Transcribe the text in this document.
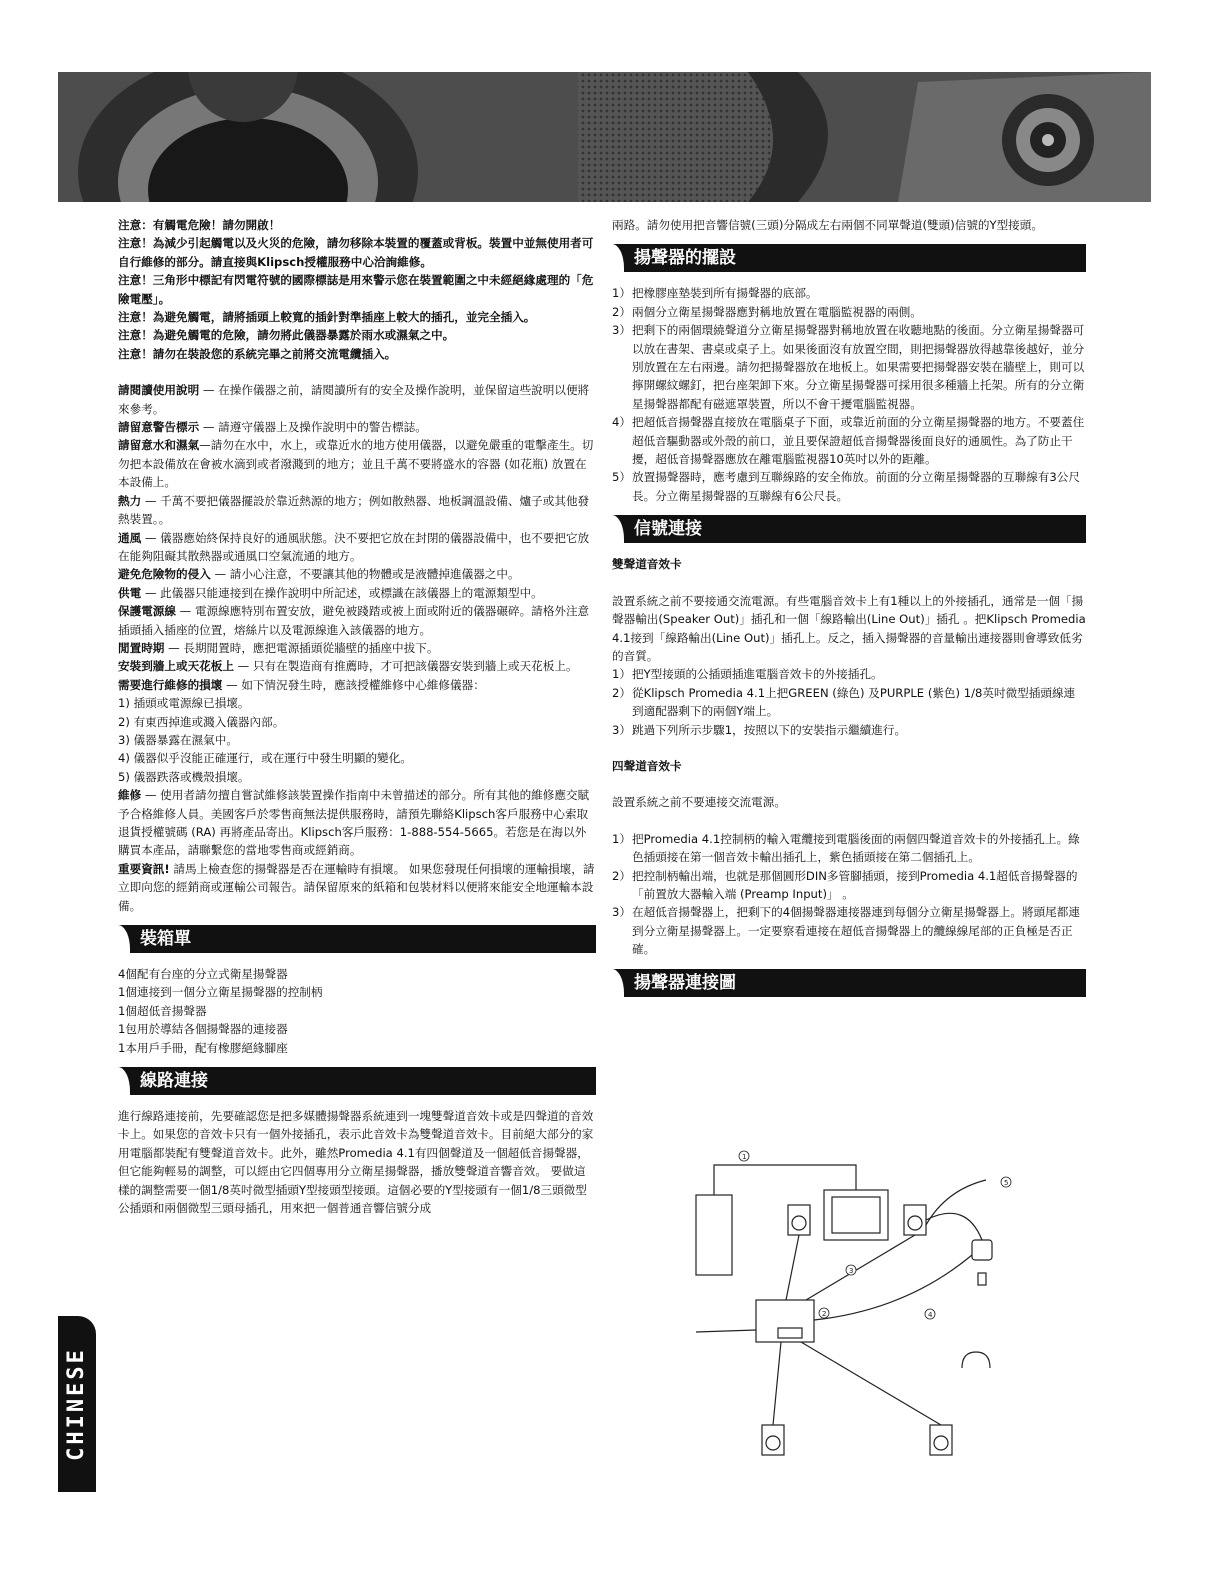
注意：有觸電危險！請勿開啟！

注意！為減少引起觸電以及火災的危險，請勿移除本裝置的覆蓋或背板。裝置中並無使用者可自行維修的部分。請直接與Klipsch授權服務中心洽詢維修。

注意！三角形中標記有閃電符號的國際標誌是用來警示您在裝置範圍之中未經絕緣處理的「危險電壓」。

注意！為避免觸電，請將插頭上較寬的插針對準插座上較大的插孔，並完全插入。

注意！為避免觸電的危險，請勿將此儀器暴露於雨水或濕氣之中。

注意！請勿在裝設您的系統完畢之前將交流電纜插入。

請閱讀使用說明 — 在操作儀器之前，請閱讀所有的安全及操作說明，並保留這些說明以便將來參考。

請留意警告標示 — 請遵守儀器上及操作說明中的警告標誌。

請留意水和濕氣—請勿在水中，水上，或靠近水的地方使用儀器，以避免嚴重的電擊產生。切勿把本設備放在會被水滴到或者潑濺到的地方；並且千萬不要將盛水的容器 (如花瓶) 放置在本設備上。

熱力 — 千萬不要把儀器擺設於靠近熱源的地方；例如散熱器、地板調溫設備、爐子或其他發熱裝置。。

通風 — 儀器應始終保持良好的通風狀態。決不要把它放在封閉的儀器設備中，也不要把它放在能夠阻礙其散熱器或通風口空氣流通的地方。

避免危險物的侵入 — 請小心注意，不要讓其他的物體或是液體掉進儀器之中。

供電 — 此儀器只能連接到在操作說明中所記述，或標識在該儀器上的電源類型中。

保護電源線 — 電源線應特別布置安放，避免被踐踏或被上面或附近的儀器碾碎。請格外注意插頭插入插座的位置，熔絲片以及電源線進入該儀器的地方。

閒置時期 — 長期閒置時，應把電源插頭從牆壁的插座中拔下。

安裝到牆上或天花板上 — 只有在製造商有推薦時，才可把該儀器安裝到牆上或天花板上。

需要進行維修的損壞 — 如下情況發生時，應該授權維修中心維修儀器：

1) 插頭或電源線已損壞。

2) 有東西掉進或濺入儀器內部。

3) 儀器暴露在濕氣中。

4) 儀器似乎沒能正確運行，或在運行中發生明顯的變化。

5) 儀器跌落或機殼損壞。

維修 — 使用者請勿擅自嘗試維修該裝置操作指南中未曾描述的部分。所有其他的維修應交賦予合格維修人員。美國客戶於零售商無法提供服務時，請預先聯絡Klipsch客戶服務中心索取退貨授權號碼 (RA) 再將產品寄出。Klipsch客戶服務：1-888-554-5665。若您是在海以外購買本產品，請聯繫您的當地零售商或經銷商。

重要資訊! 請馬上檢查您的揚聲器是否在運輸時有損壞。 如果您發現任何損壞的運輸損壞，請立即向您的經銷商或運輸公司報告。請保留原來的紙箱和包裝材料以便將來能安全地運輸本設備。

裝箱單

4個配有台座的分立式衛星揚聲器

1個連接到一個分立衛星揚聲器的控制柄

1個超低音揚聲器

1包用於導結各個揚聲器的連接器

1本用戶手冊，配有橡膠絕緣腳座

線路連接

進行線路連接前，先要確認您是把多媒體揚聲器系統連到一塊雙聲道音效卡或是四聲道的音效卡上。如果您的音效卡只有一個外接插孔，表示此音效卡為雙聲道音效卡。目前絕大部分的家用電腦都裝配有雙聲道音效卡。此外，雖然Promedia 4.1有四個聲道及一個超低音揚聲器，但它能夠輕易的調整，可以經由它四個專用分立衛星揚聲器，播放雙聲道音響音效。 要做這樣的調整需要一個1/8英吋微型插頭Y型接頭型接頭。這個必要的Y型接頭有一個1/8三頭微型公插頭和兩個微型三頭母插孔，用來把一個普通音響信號分成

兩路。請勿使用把音響信號(三頭)分隔成左右兩個不同單聲道(雙頭)信號的Y型接頭。

揚聲器的擺設
1） 把橡膠座墊裝到所有揚聲器的底部。
2） 兩個分立衛星揚聲器應對稱地放置在電腦監視器的兩側。
3） 把剩下的兩個環繞聲道分立衛星揚聲器對稱地放置在收聽地點的後面。分立衛星揚聲器可以放在書架、書桌或桌子上。如果後面沒有放置空間，則把揚聲器放得越靠後越好，並分別放置在左右兩邊。請勿把揚聲器放在地板上。如果需要把揚聲器安裝在牆壁上，則可以擰開螺紋螺釘，把台座架卸下來。分立衛星揚聲器可採用很多種牆上托架。所有的分立衛星揚聲器都配有磁遮罩裝置，所以不會干擾電腦監視器。
4） 把超低音揚聲器直接放在電腦桌子下面，或靠近前面的分立衛星揚聲器的地方。不要蓋住超低音驅動器或外殼的前口，並且要保證超低音揚聲器後面良好的通風性。為了防止干擾，超低音揚聲器應放在離電腦監視器10英吋以外的距離。
5） 放置揚聲器時，應考慮到互聯線路的安全佈放。前面的分立衛星揚聲器的互聯線有3公尺長。分立衛星揚聲器的互聯線有6公尺長。
信號連接

雙聲道音效卡

設置系統之前不要接通交流電源。有些電腦音效卡上有1種以上的外接插孔，通常是一個「揚聲器輸出(Speaker Out)」插孔和一個「線路輸出(Line Out)」插孔 。把Klipsch Promedia 4.1接到「線路輸出(Line Out)」插孔上。反之，插入揚聲器的音量輸出連接器則會導致低劣的音質。

1） 把Y型接頭的公插頭插進電腦音效卡的外接插孔。
2） 從Klipsch Promedia 4.1上把GREEN (綠色) 及PURPLE (紫色) 1/8英吋微型插頭線連到適配器剩下的兩個Y端上。
3） 跳過下列所示步驟1，按照以下的安裝指示繼續進行。

四聲道音效卡

設置系統之前不要連接交流電源。

1） 把Promedia 4.1控制柄的輸入電纜接到電腦後面的兩個四聲道音效卡的外接插孔上。綠色插頭接在第一個音效卡輸出插孔上，紫色插頭接在第二個插孔上。
2） 把控制柄輸出端，也就是那個圓形DIN多管腳插頭，接到Promedia 4.1超低音揚聲器的「前置放大器輸入端 (Preamp Input)」 。
3） 在超低音揚聲器上，把剩下的4個揚聲器連接器連到每個分立衛星揚聲器上。將頭尾都連到分立衛星揚聲器上。一定要察看連接在超低音揚聲器上的纜線線尾部的正負極是否正確。
揚聲器連接圖
1
2
3
4
5
CHINESE
